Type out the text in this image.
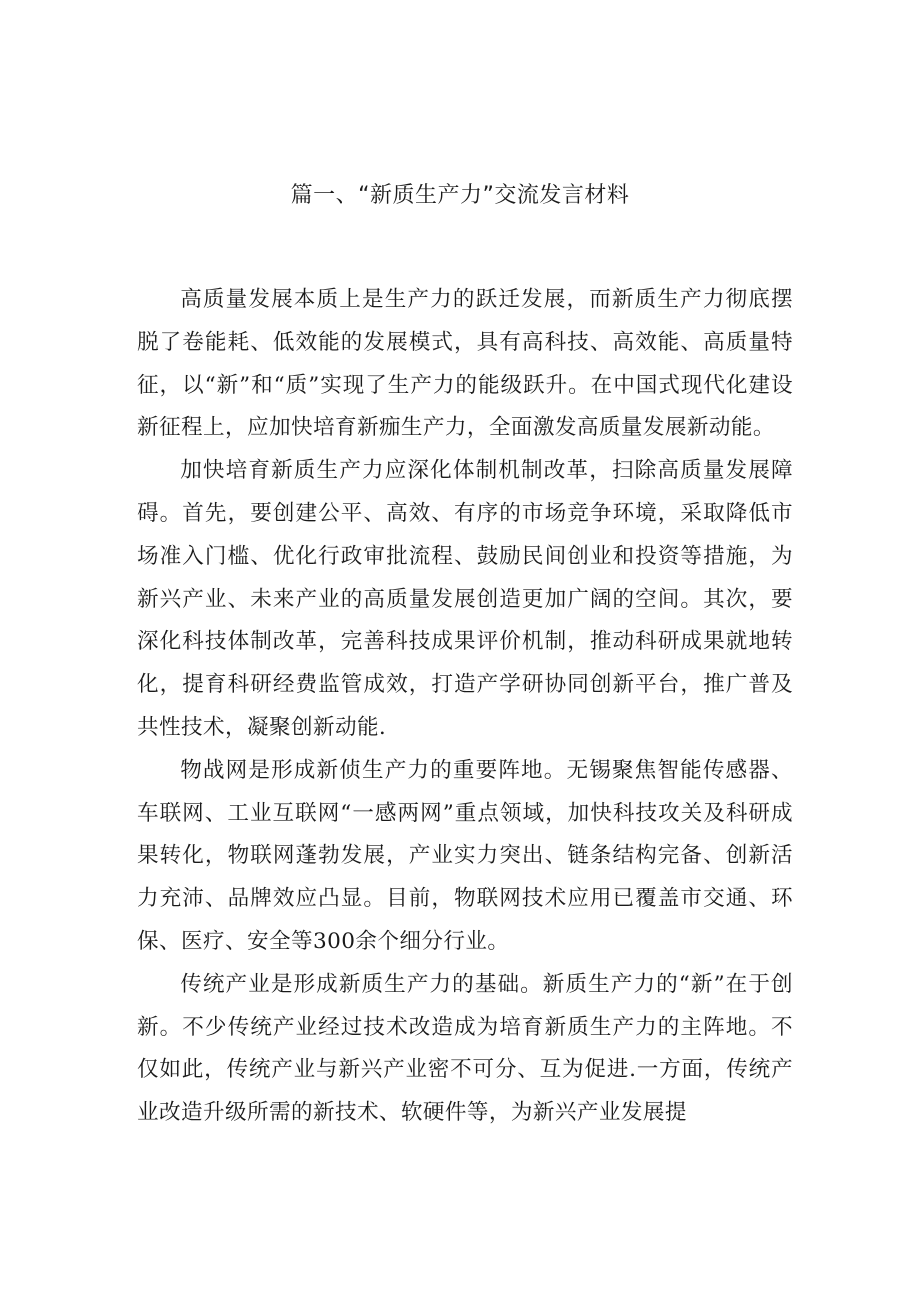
篇一、“新质生产力”交流发言材料

高质量发展本质上是生产力的跃迁发展，而新质生产力彻底摆脱了卷能耗、低效能的发展模式，具有高科技、高效能、高质量特征，以“新”和“质”实现了生产力的能级跃升。在中国式现代化建设新征程上，应加快培育新痂生产力，全面激发高质量发展新动能。

加快培育新质生产力应深化体制机制改革，扫除高质量发展障碍。首先，要创建公平、高效、有序的市场竞争环境，采取降低市场准入门槛、优化行政审批流程、鼓励民间创业和投资等措施，为新兴产业、未来产业的高质量发展创造更加广阔的空间。其次，要深化科技体制改革，完善科技成果评价机制，推动科研成果就地转化，提育科研经费监管成效，打造产学研协同创新平台，推广普及共性技术，凝聚创新动能.

物战网是形成新侦生产力的重要阵地。无锡聚焦智能传感器、车联网、工业互联网“一感两网”重点领域，加快科技攻关及科研成果转化，物联网蓬勃发展，产业实力突出、链条结构完备、创新活力充沛、品牌效应凸显。目前，物联网技术应用已覆盖市交通、环保、医疗、安全等300余个细分行业。

传统产业是形成新质生产力的基础。新质生产力的“新”在于创新。不少传统产业经过技术改造成为培育新质生产力的主阵地。不仅如此，传统产业与新兴产业密不可分、互为促进.一方面，传统产业改造升级所需的新技术、软硬件等，为新兴产业发展提
